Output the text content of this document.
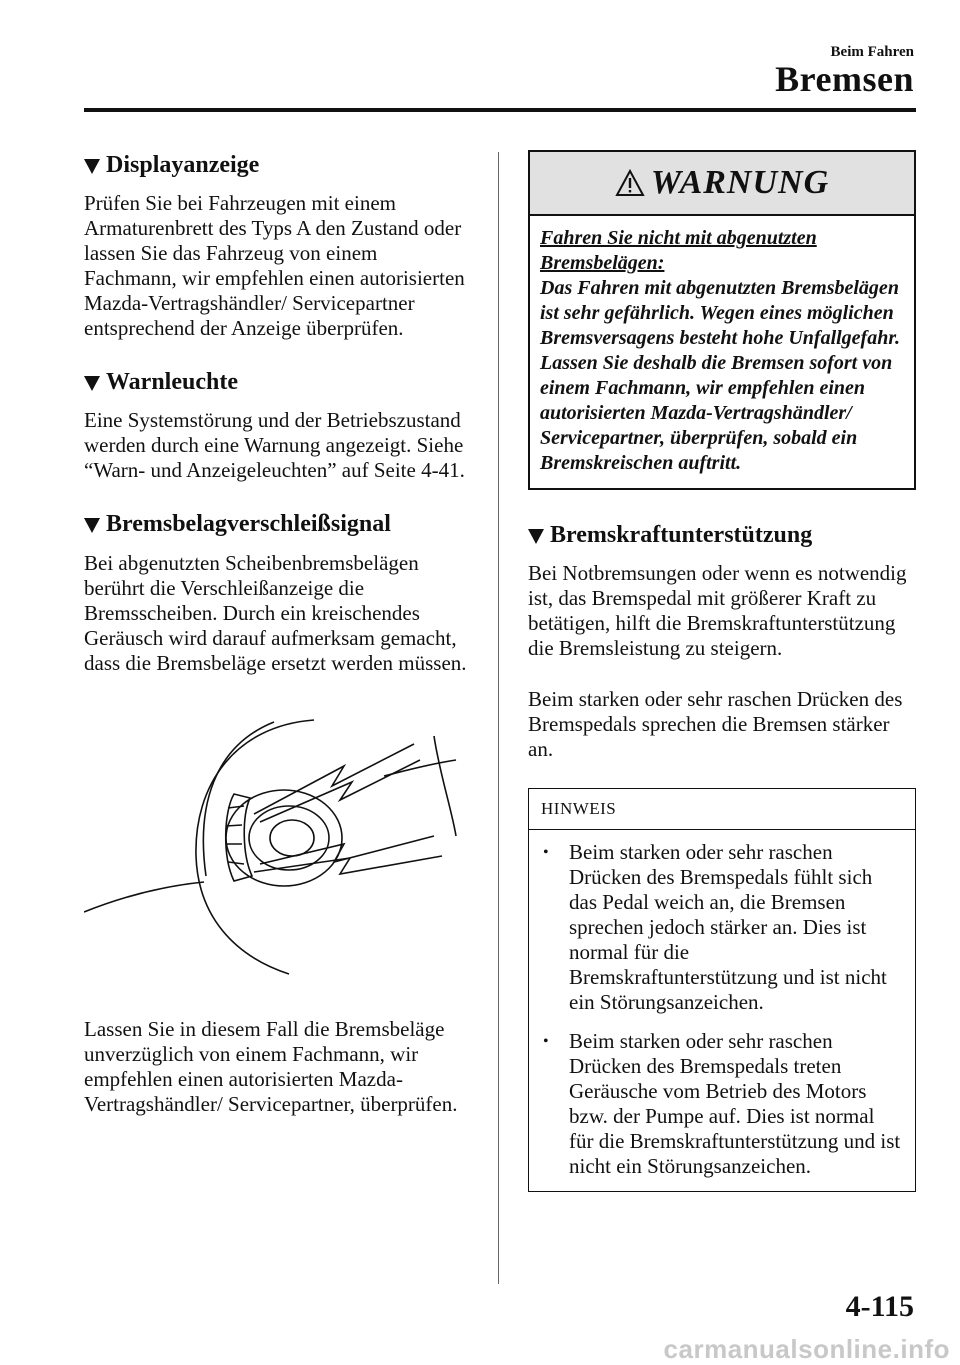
Beim Fahren
Bremsen
Displayanzeige

Prüfen Sie bei Fahrzeugen mit einem Armaturenbrett des Typs A den Zustand oder lassen Sie das Fahrzeug von einem Fachmann, wir empfehlen einen autorisierten Mazda-Vertragshändler/ Servicepartner entsprechend der Anzeige überprüfen.

Warnleuchte

Eine Systemstörung und der Betriebszustand werden durch eine Warnung angezeigt. Siehe “Warn- und Anzeigeleuchten” auf Seite 4-41.

Bremsbelagverschleißsignal

Bei abgenutzten Scheibenbremsbelägen berührt die Verschleißanzeige die Bremsscheiben. Durch ein kreischendes Geräusch wird darauf aufmerksam gemacht, dass die Bremsbeläge ersetzt werden müssen.

Lassen Sie in diesem Fall die Bremsbeläge unverzüglich von einem Fachmann, wir empfehlen einen autorisierten Mazda-Vertragshändler/ Servicepartner, überprüfen.

WARNUNG
Fahren Sie nicht mit abgenutzten Bremsbelägen:
Das Fahren mit abgenutzten Bremsbelägen ist sehr gefährlich. Wegen eines möglichen Bremsversagens besteht hohe Unfallgefahr. Lassen Sie deshalb die Bremsen sofort von einem Fachmann, wir empfehlen einen autorisierten Mazda-Vertragshändler/ Servicepartner, überprüfen, sobald ein Bremskreischen auftritt.
Bremskraftunterstützung

Bei Notbremsungen oder wenn es notwendig ist, das Bremspedal mit größerer Kraft zu betätigen, hilft die Bremskraftunterstützung die Bremsleistung zu steigern.

Beim starken oder sehr raschen Drücken des Bremspedals sprechen die Bremsen stärker an.

HINWEIS
• Beim starken oder sehr raschen Drücken des Bremspedals fühlt sich das Pedal weich an, die Bremsen sprechen jedoch stärker an. Dies ist normal für die Bremskraftunterstützung und ist nicht ein Störungsanzeichen.
• Beim starken oder sehr raschen Drücken des Bremspedals treten Geräusche vom Betrieb des Motors bzw. der Pumpe auf. Dies ist normal für die Bremskraftunterstützung und ist nicht ein Störungsanzeichen.
4-115
carmanualsonline.info
